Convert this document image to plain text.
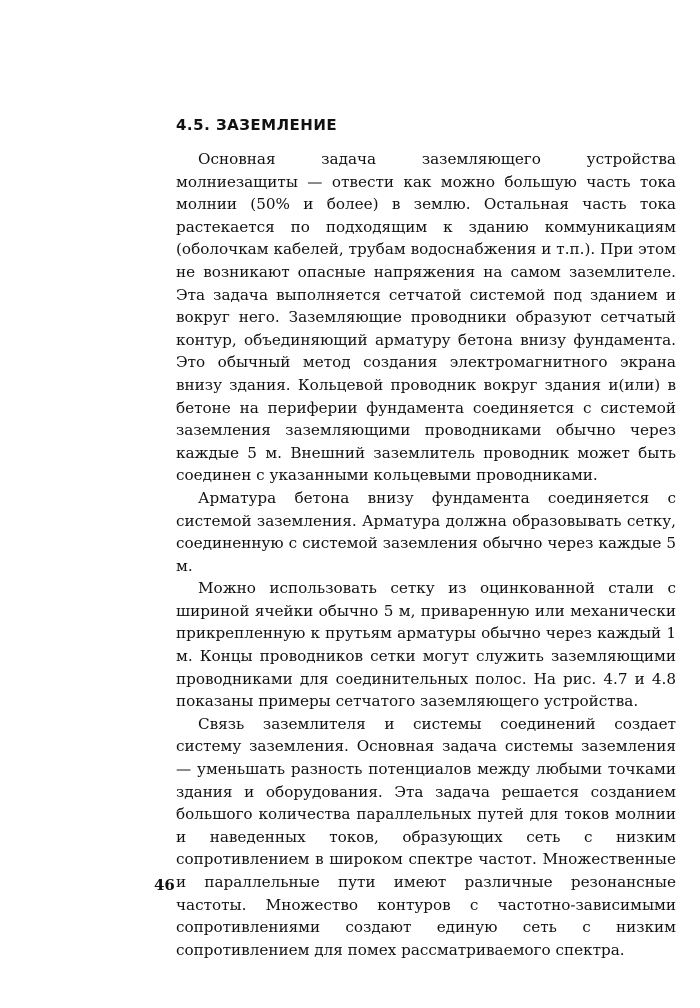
4.5. ЗАЗЕМЛЕНИЕ

Основная задача заземляющего устройства молниезащиты — отвести как можно большую часть тока молнии (50% и более) в землю. Остальная часть тока растекается по подходящим к зданию коммуникациям (оболочкам кабелей, трубам водоснабжения и т.п.). При этом не возникают опасные напряжения на самом заземлителе. Эта задача выполняется сетчатой системой под зданием и вокруг него. Заземляющие проводники образуют сетчатый контур, объединяющий арматуру бетона внизу фундамента. Это обычный метод создания электромагнитного экрана внизу здания. Кольцевой проводник вокруг здания и(или) в бетоне на периферии фундамента соединяется с системой заземления заземляющими проводниками обычно через каждые 5 м. Внешний заземлитель проводник может быть соединен с указанными кольцевыми проводниками.

Арматура бетона внизу фундамента соединяется с системой заземления. Арматура должна образовывать сетку, соединенную с системой заземления обычно через каждые 5 м.

Можно использовать сетку из оцинкованной стали с шириной ячейки обычно 5 м, приваренную или механически прикрепленную к прутьям арматуры обычно через каждый 1 м. Концы проводников сетки могут служить заземляющими проводниками для соединительных полос. На рис. 4.7 и 4.8 показаны примеры сетчатого заземляющего устройства.

Связь заземлителя и системы соединений создает систему заземления. Основная задача системы заземления — уменьшать разность потенциалов между любыми точками здания и оборудования. Эта задача решается созданием большого количества параллельных путей для токов молнии и наведенных токов, образующих сеть с низким сопротивлением в широком спектре частот. Множественные и параллельные пути имеют различные резонансные частоты. Множество контуров с частотно-зависимыми сопротивлениями создают единую сеть с низким сопротивлением для помех рассматриваемого спектра.

46
